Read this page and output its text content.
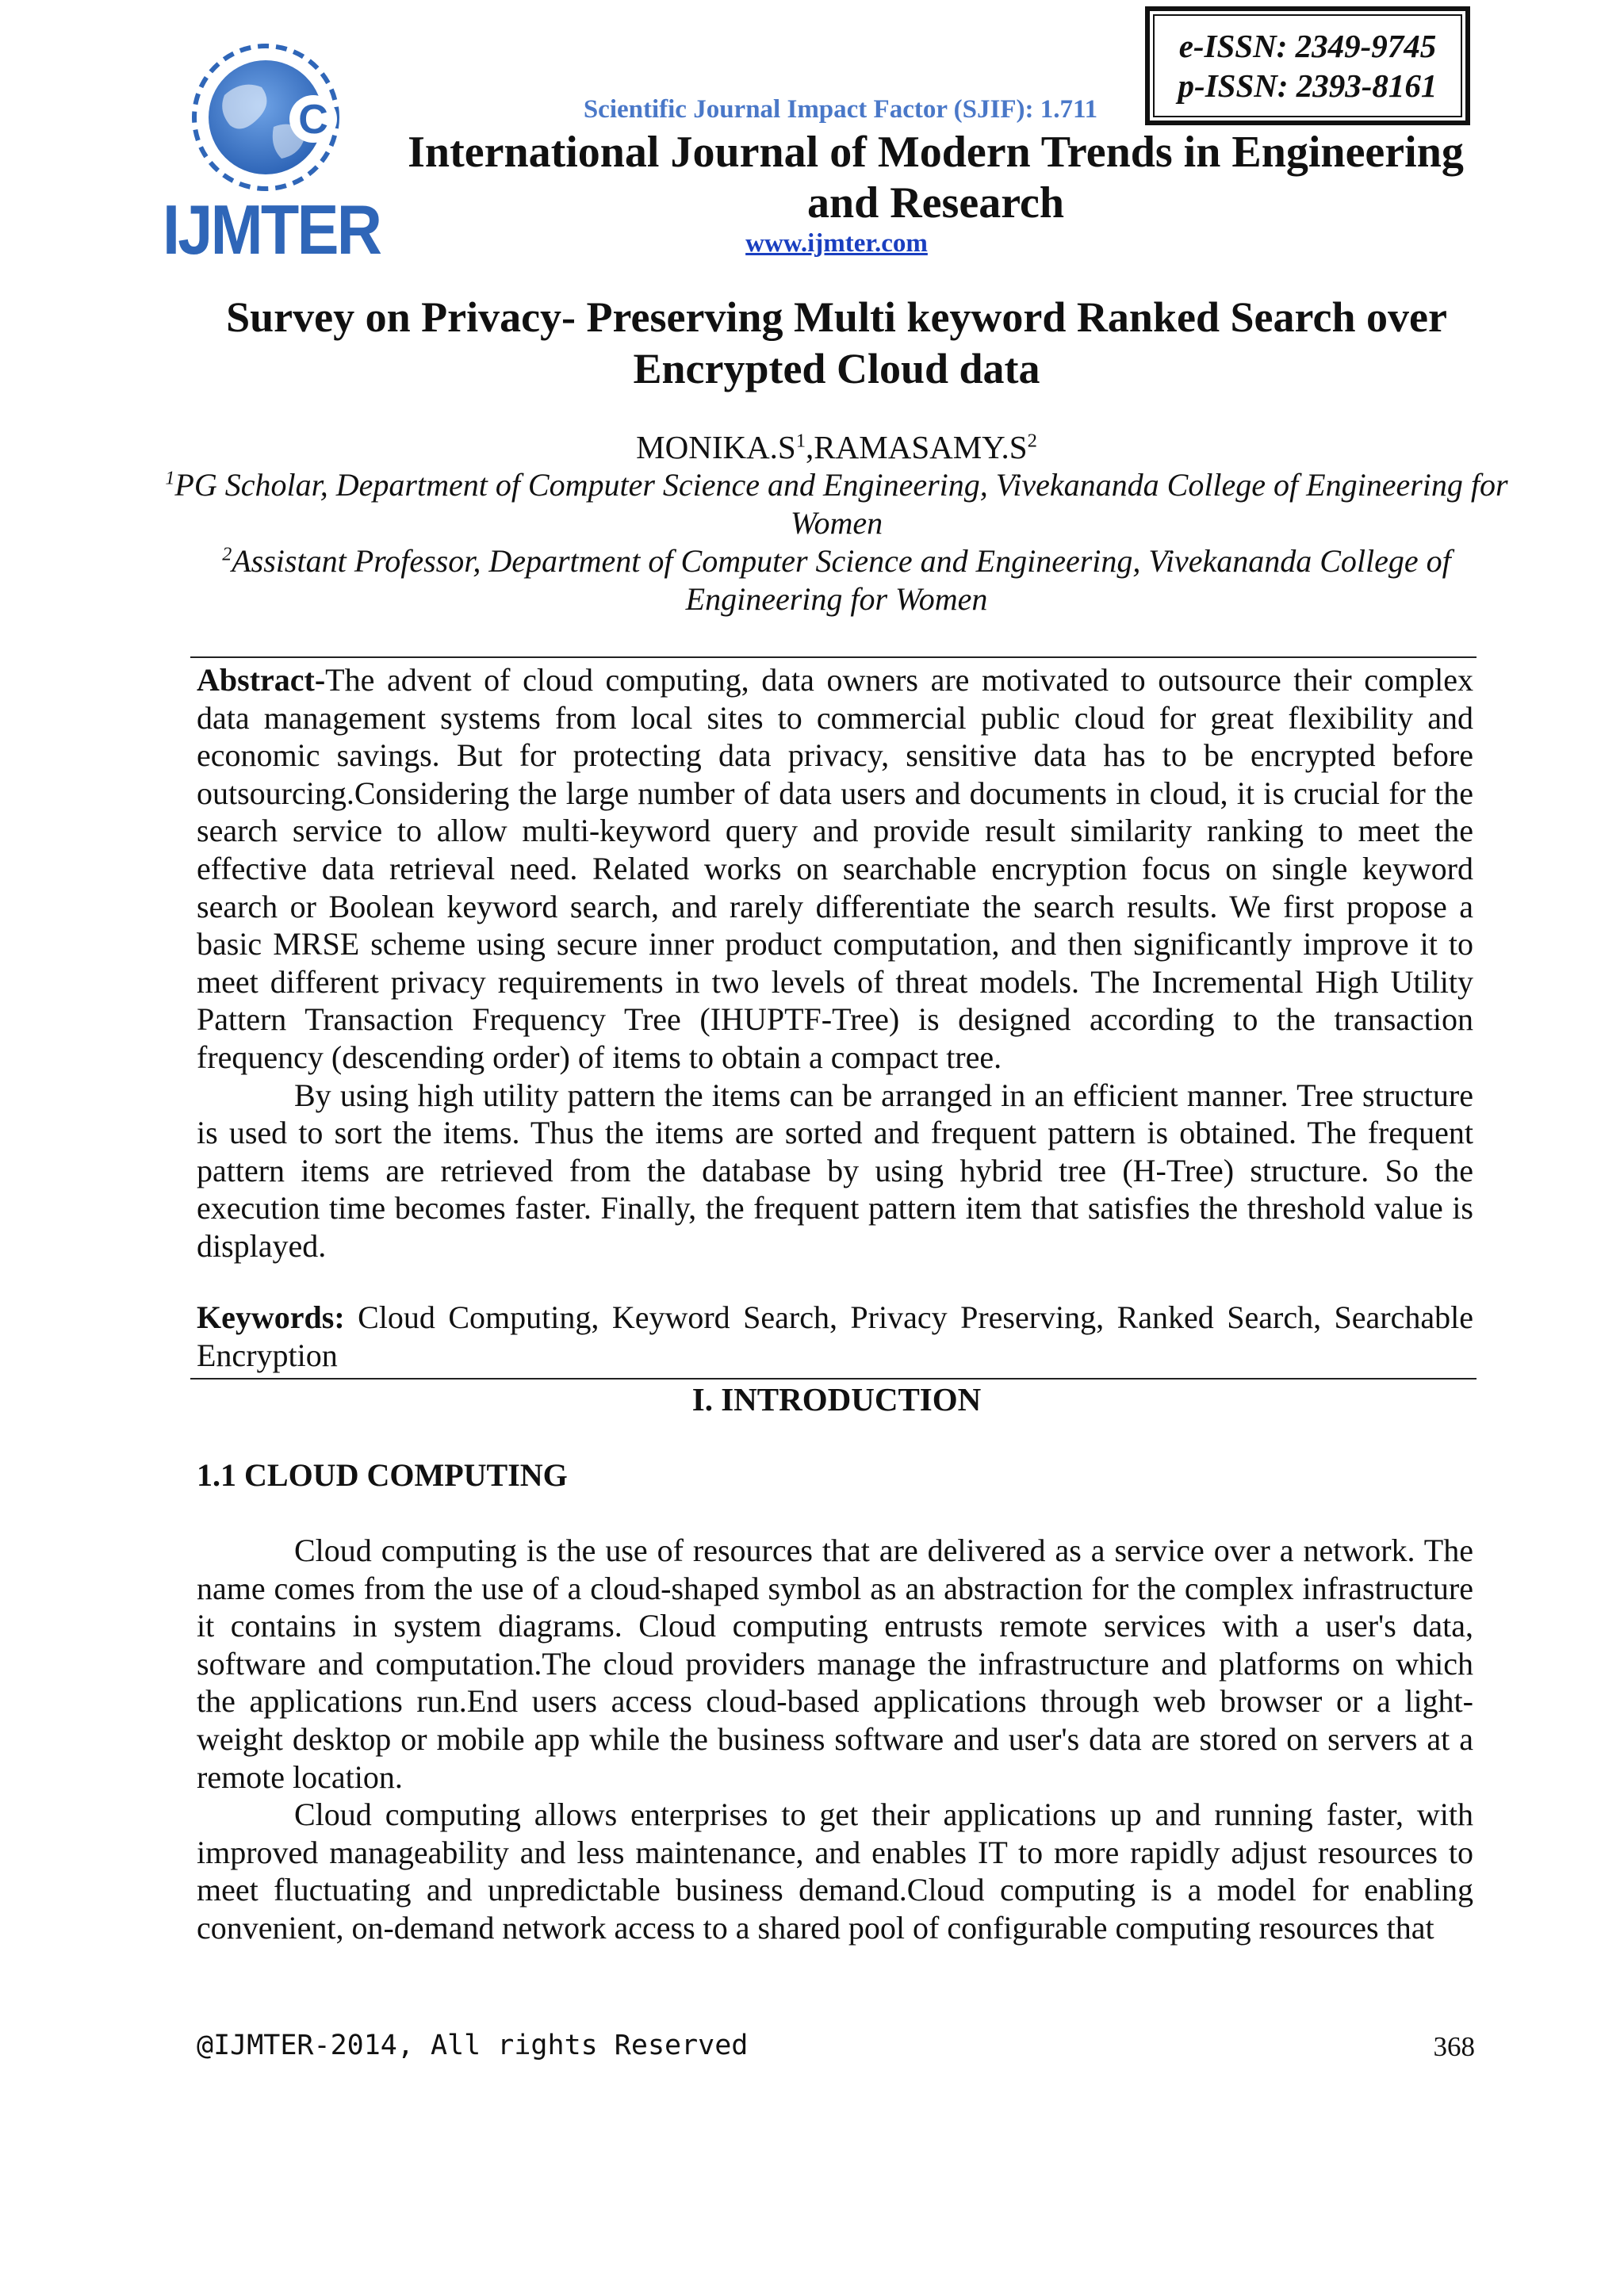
C
IJMTER
e-ISSN: 2349-9745
p-ISSN: 2393-8161
Scientific Journal Impact Factor (SJIF): 1.711
International Journal of Modern Trends in Engineering and Research
www.ijmter.com
Survey on Privacy- Preserving Multi keyword Ranked Search over Encrypted Cloud data
$MONIKA.S^1,RAMASAMY.S^2$
$^1$PG Scholar, Department of Computer Science and Engineering, Vivekananda College of Engineering for Women
$^2$Assistant Professor, Department of Computer Science and Engineering, Vivekananda College of Engineering for Women

Abstract-The advent of cloud computing, data owners are motivated to outsource their complex data management systems from local sites to commercial public cloud for great flexibility and economic savings. But for protecting data privacy, sensitive data has to be encrypted before outsourcing.Considering the large number of data users and documents in cloud, it is crucial for the search service to allow multi-keyword query and provide result similarity ranking to meet the effective data retrieval need. Related works on searchable encryption focus on single keyword search or Boolean keyword search, and rarely differentiate the search results. We first propose a basic MRSE scheme using secure inner product computation, and then significantly improve it to meet different privacy requirements in two levels of threat models. The Incremental High Utility Pattern Transaction Frequency Tree (IHUPTF-Tree) is designed according to the transaction frequency (descending order) of items to obtain a compact tree.

By using high utility pattern the items can be arranged in an efficient manner. Tree structure is used to sort the items. Thus the items are sorted and frequent pattern is obtained. The frequent pattern items are retrieved from the database by using hybrid tree (H-Tree) structure. So the execution time becomes faster. Finally, the frequent pattern item that satisfies the threshold value is displayed.

Keywords: Cloud Computing, Keyword Search, Privacy Preserving, Ranked Search, Searchable Encryption

I. INTRODUCTION
1.1 CLOUD COMPUTING

Cloud computing is the use of resources that are delivered as a service over a network. The name comes from the use of a cloud-shaped symbol as an abstraction for the complex infrastructure it contains in system diagrams. Cloud computing entrusts remote services with a user's data, software and computation.The cloud providers manage the infrastructure and platforms on which the applications run.End users access cloud-based applications through web browser or a light-weight desktop or mobile app while the business software and user's data are stored on servers at a remote location.

Cloud computing allows enterprises to get their applications up and running faster, with improved manageability and less maintenance, and enables IT to more rapidly adjust resources to meet fluctuating and unpredictable business demand.Cloud computing is a model for enabling convenient, on-demand network access to a shared pool of configurable computing resources that

@IJMTER-2014, All rights Reserved	368
